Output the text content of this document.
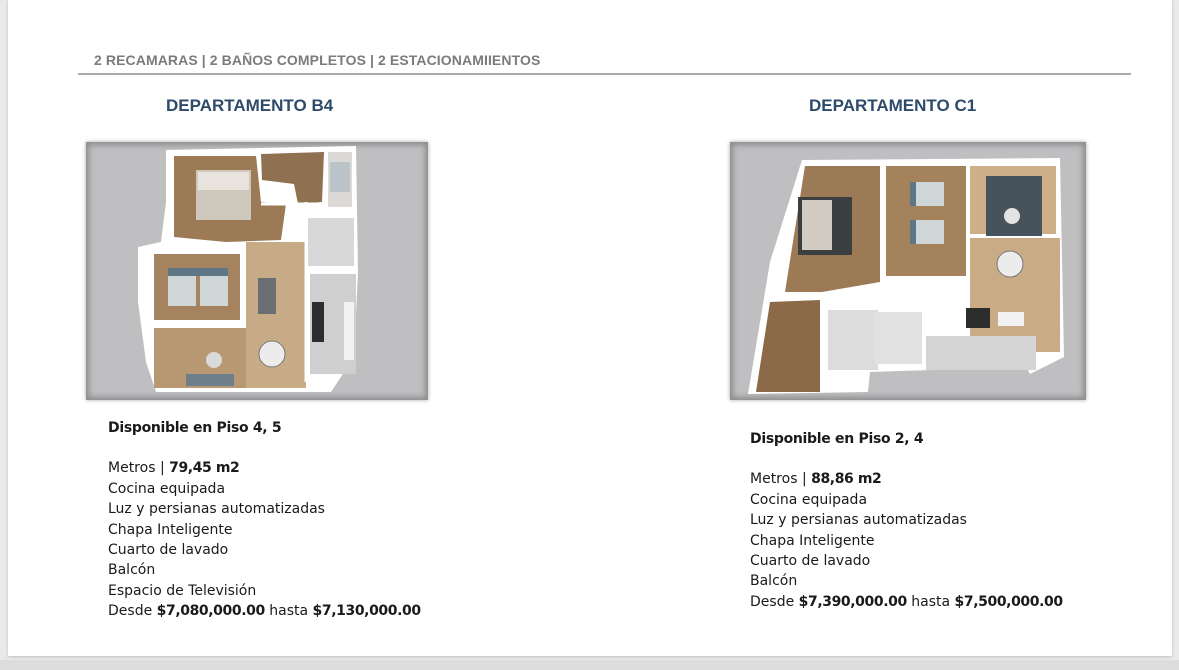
2 RECAMARAS | 2 BAÑOS COMPLETOS | 2 ESTACIONAMIIENTOS
DEPARTAMENTO B4
Disponible en Piso 4, 5
Metros | 79,45 m2
Cocina equipada
Luz y persianas automatizadas
Chapa Inteligente
Cuarto de lavado
Balcón
Espacio de Televisión
Desde $7,080,000.00 hasta $7,130,000.00
DEPARTAMENTO C1
Disponible en Piso 2, 4
Metros | 88,86 m2
Cocina equipada
Luz y persianas automatizadas
Chapa Inteligente
Cuarto de lavado
Balcón
Desde $7,390,000.00 hasta $7,500,000.00
